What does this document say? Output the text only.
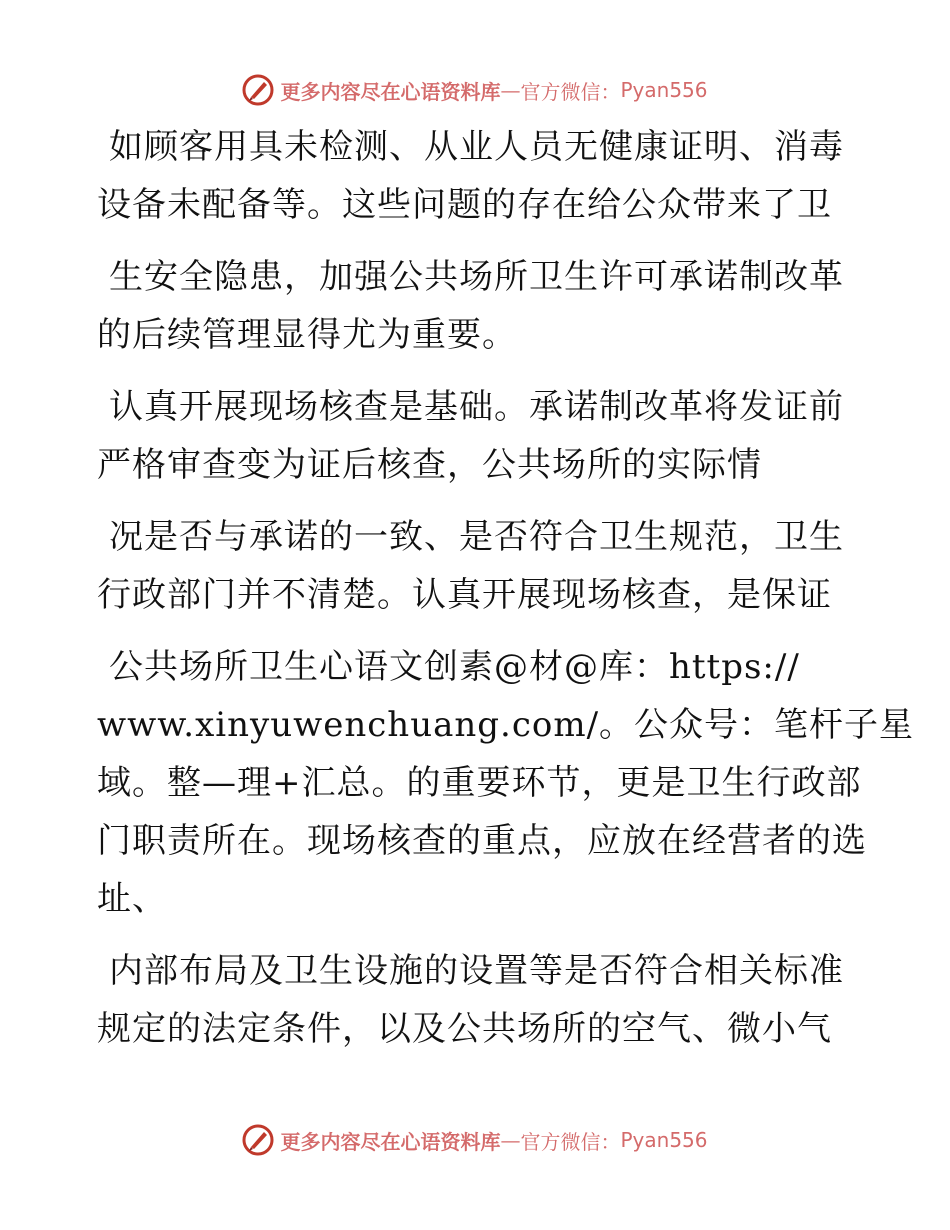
更多内容尽在心语资料库 — 官方微信： Pyan556
如顾客用具未检测、从业人员无健康证明、消毒
设备未配备等。这些问题的存在给公众带来了卫
生安全隐患，加强公共场所卫生许可承诺制改革
的后续管理显得尤为重要。
认真开展现场核查是基础。承诺制改革将发证前
严格审查变为证后核查，公共场所的实际情
况是否与承诺的一致、是否符合卫生规范，卫生
行政部门并不清楚。认真开展现场核查，是保证
公共场所卫生心语文创素@材@库：https://
www.xinyuwenchuang.com/。公众号：笔杆子星
域。整—理+汇总。的重要环节，更是卫生行政部
门职责所在。现场核查的重点，应放在经营者的选
址、
内部布局及卫生设施的设置等是否符合相关标准
规定的法定条件，以及公共场所的空气、微小气
更多内容尽在心语资料库 — 官方微信： Pyan556
